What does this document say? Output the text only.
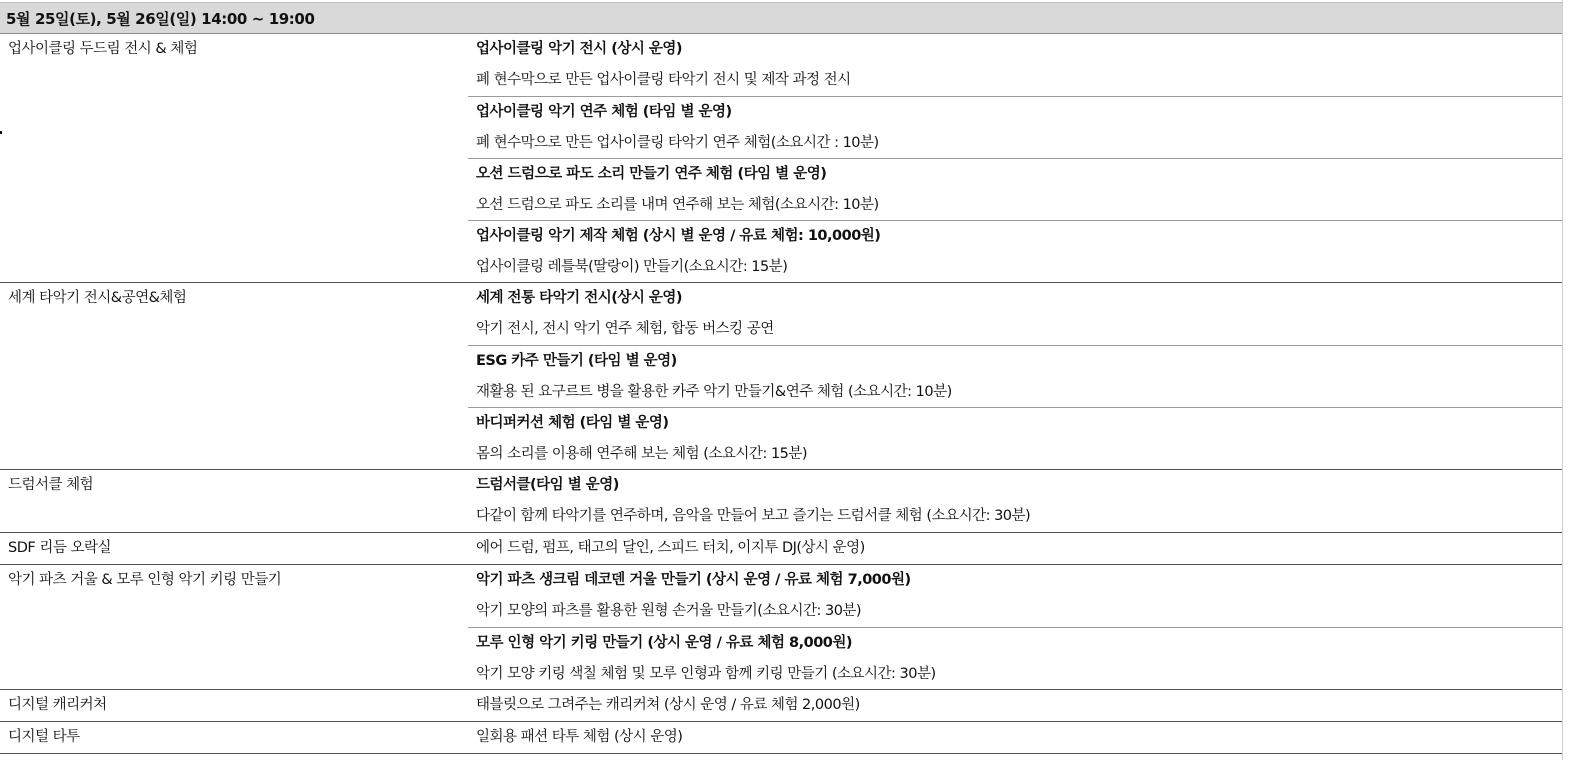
5월 25일(토), 5월 26일(일) 14:00 ~ 19:00
업사이클링 두드림 전시 & 체험	업사이클링 악기 전시 (상시 운영)
폐 현수막으로 만든 업사이클링 타악기 전시 및 제작 과정 전시
업사이클링 악기 연주 체험 (타임 별 운영)
폐 현수막으로 만든 업사이클링 타악기 연주 체험(소요시간 : 10분)
오션 드럼으로 파도 소리 만들기 연주 체험 (타임 별 운영)
오션 드럼으로 파도 소리를 내며 연주해 보는 체험(소요시간: 10분)
업사이클링 악기 제작 체험 (상시 별 운영 / 유료 체험: 10,000원)
업사이클링 레틀북(딸랑이) 만들기(소요시간: 15분)
세계 타악기 전시&공연&체험	세계 전통 타악기 전시(상시 운영)
악기 전시, 전시 악기 연주 체험, 합동 버스킹 공연
ESG 카주 만들기 (타임 별 운영)
재활용 된 요구르트 병을 활용한 카주 악기 만들기&연주 체험 (소요시간: 10분)
바디퍼커션 체험 (타임 별 운영)
몸의 소리를 이용해 연주해 보는 체험 (소요시간: 15분)
드럼서클 체험	드럼서클(타임 별 운영)
다같이 함께 타악기를 연주하며, 음악을 만들어 보고 즐기는 드럼서클 체험 (소요시간: 30분)
SDF 리듬 오락실	에어 드럼, 펌프, 태고의 달인, 스피드 터치, 이지투 DJ(상시 운영)
악기 파츠 거울 & 모루 인형 악기 키링 만들기	악기 파츠 생크림 데코덴 거울 만들기 (상시 운영 / 유료 체험 7,000원)
악기 모양의 파츠를 활용한 원형 손거울 만들기(소요시간: 30분)
모루 인형 악기 키링 만들기 (상시 운영 / 유료 체험 8,000원)
악기 모양 키링 색칠 체험 및 모루 인형과 함께 키링 만들기 (소요시간: 30분)
디지털 캐리커처	태블릿으로 그려주는 캐리커쳐 (상시 운영 / 유료 체험 2,000원)
디지털 타투	일회용 패션 타투 체험 (상시 운영)
